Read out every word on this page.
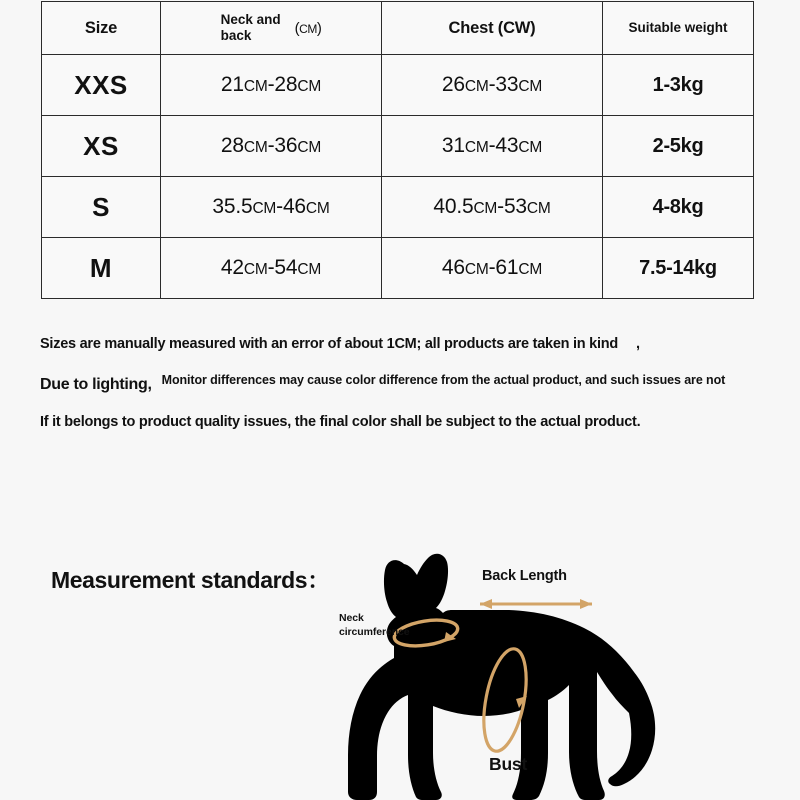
Size	Neck and
back (CM)	Chest (CW)	Suitable weight
XXS	21CM-28CM	26CM-33CM	1-3kg
XS	28CM-36CM	31CM-43CM	2-5kg
S	35.5CM-46CM	40.5CM-53CM	4-8kg
M	42CM-54CM	46CM-61CM	7.5-14kg
Sizes are manually measured with an error of about 1CM; all products are taken in kind ,
Due to lighting, Monitor differences may cause color difference from the actual product, and such issues are not
If it belongs to product quality issues, the final color shall be subject to the actual product.
Measurement standards：	Back Length
Neck
circumference
Bust
